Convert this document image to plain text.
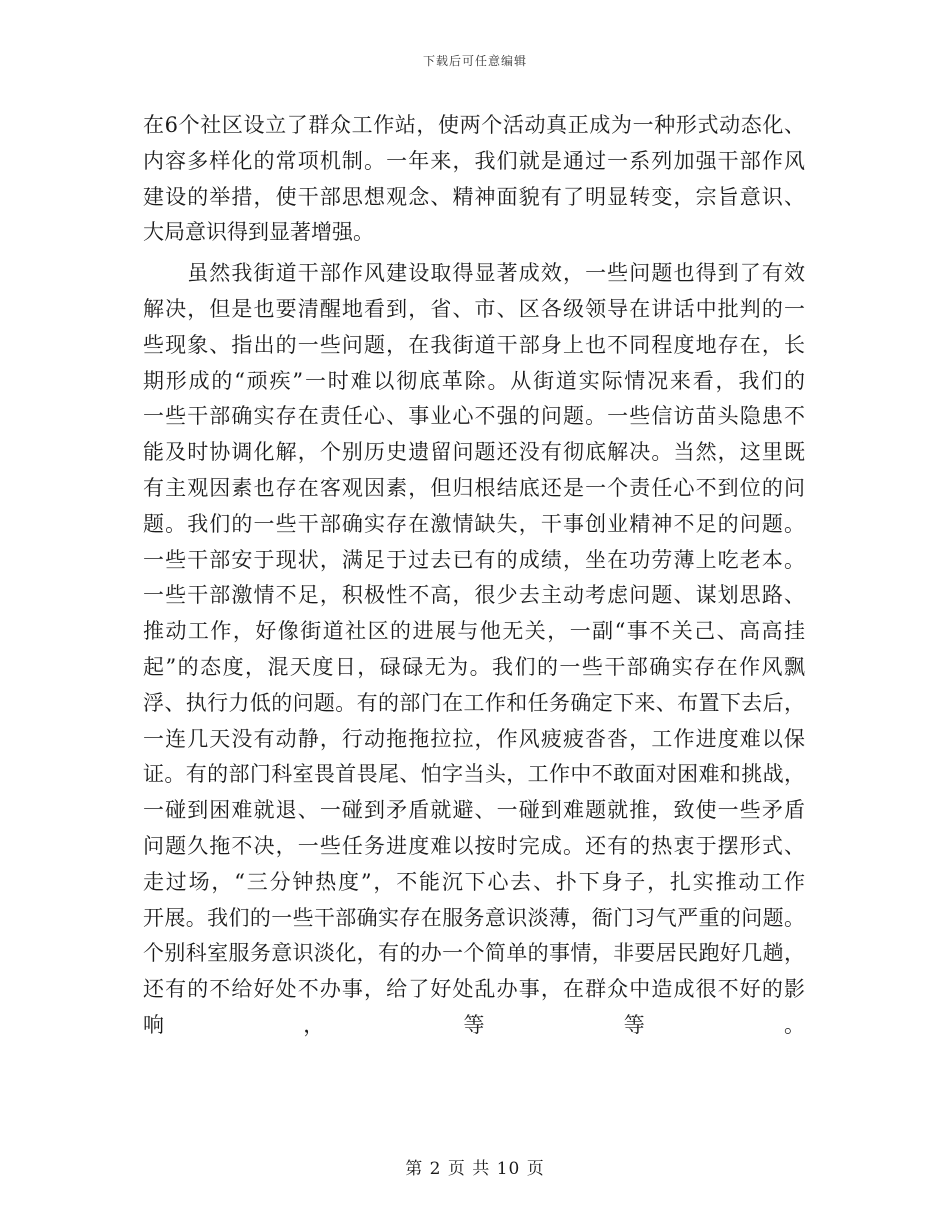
下载后可任意编辑
在6个社区设立了群众工作站，使两个活动真正成为一种形式动态化、
内容多样化的常项机制。一年来，我们就是通过一系列加强干部作风
建设的举措，使干部思想观念、精神面貌有了明显转变，宗旨意识、
大局意识得到显著增强。
　　虽然我街道干部作风建设取得显著成效，一些问题也得到了有效
解决，但是也要清醒地看到，省、市、区各级领导在讲话中批判的一
些现象、指出的一些问题，在我街道干部身上也不同程度地存在，长
期形成的“顽疾”一时难以彻底革除。从街道实际情况来看，我们的
一些干部确实存在责任心、事业心不强的问题。一些信访苗头隐患不
能及时协调化解，个别历史遗留问题还没有彻底解决。当然，这里既
有主观因素也存在客观因素，但归根结底还是一个责任心不到位的问
题。我们的一些干部确实存在激情缺失，干事创业精神不足的问题。
一些干部安于现状，满足于过去已有的成绩，坐在功劳薄上吃老本。
一些干部激情不足，积极性不高，很少去主动考虑问题、谋划思路、
推动工作，好像街道社区的进展与他无关，一副“事不关己、高高挂
起”的态度，混天度日，碌碌无为。我们的一些干部确实存在作风飘
浮、执行力低的问题。有的部门在工作和任务确定下来、布置下去后，
一连几天没有动静，行动拖拖拉拉，作风疲疲沓沓，工作进度难以保
证。有的部门科室畏首畏尾、怕字当头，工作中不敢面对困难和挑战，
一碰到困难就退、一碰到矛盾就避、一碰到难题就推，致使一些矛盾
问题久拖不决，一些任务进度难以按时完成。还有的热衷于摆形式、
走过场，“三分钟热度”，不能沉下心去、扑下身子，扎实推动工作
开展。我们的一些干部确实存在服务意识淡薄，衙门习气严重的问题。
个别科室服务意识淡化，有的办一个简单的事情，非要居民跑好几趟，
还有的不给好处不办事，给了好处乱办事，在群众中造成很不好的影
响，等等。
第 2 页 共 10 页
